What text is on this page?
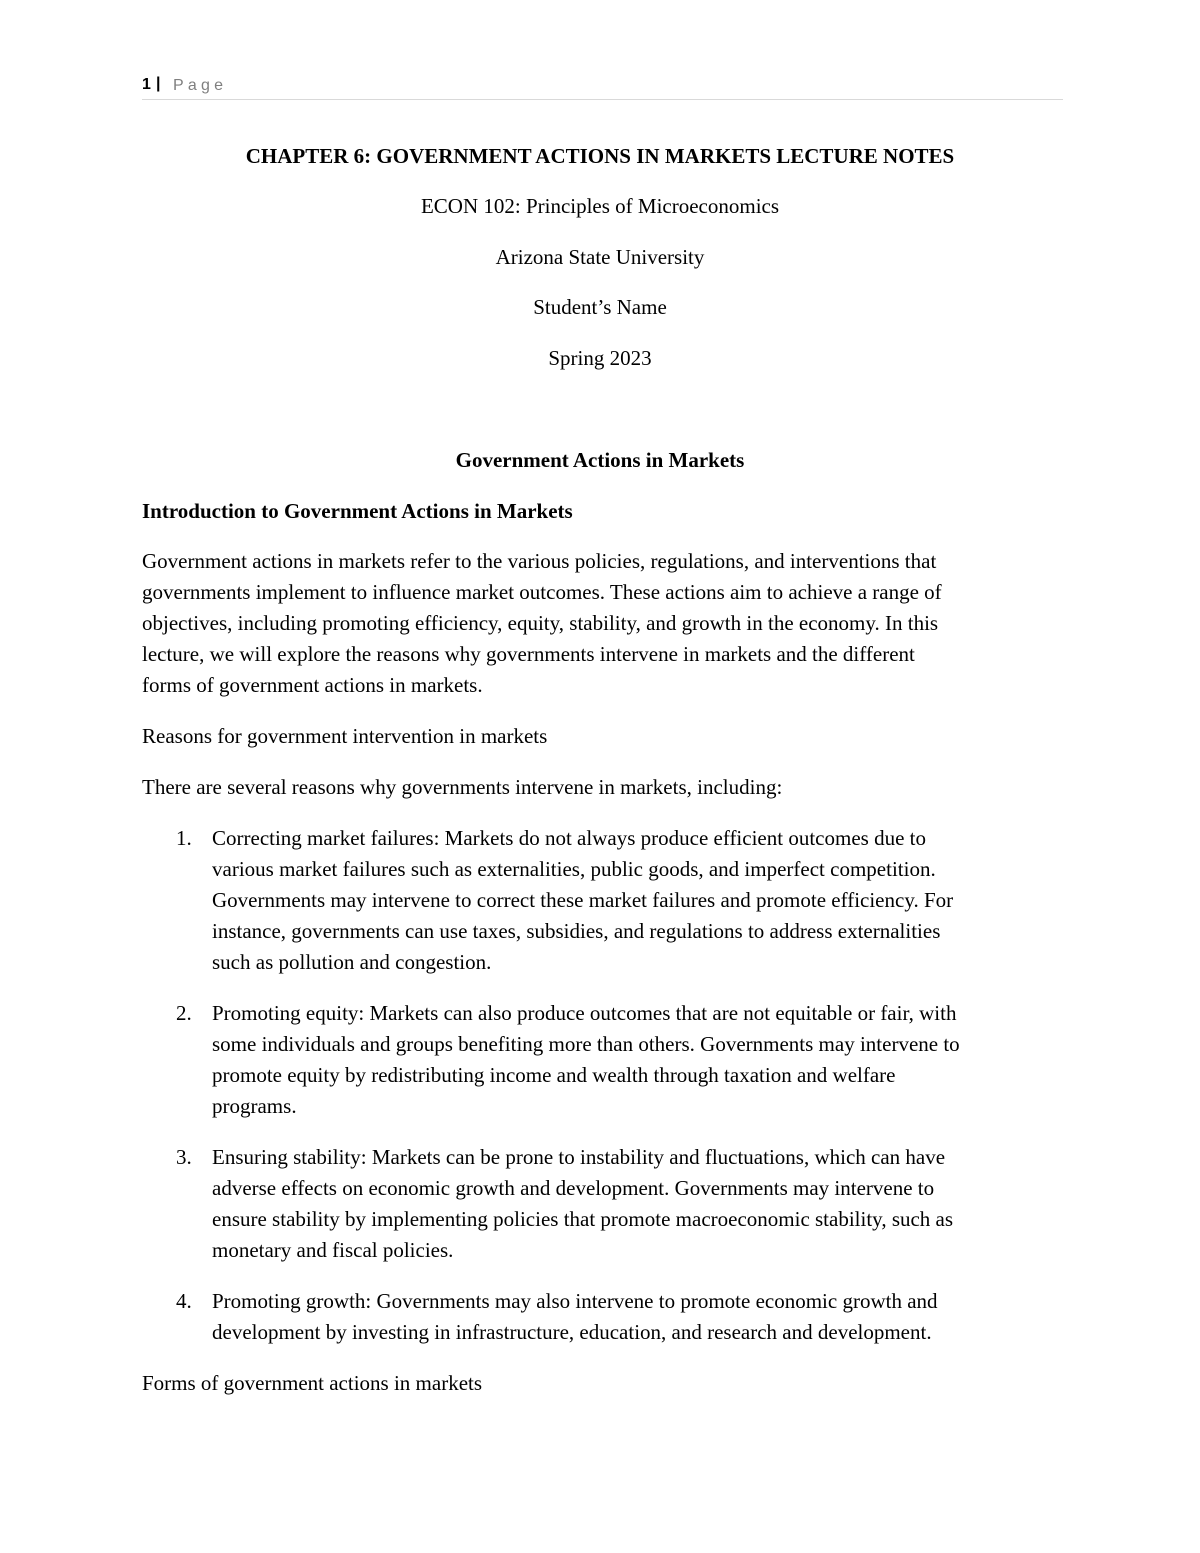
1 | Page
CHAPTER 6: GOVERNMENT ACTIONS IN MARKETS LECTURE NOTES
ECON 102: Principles of Microeconomics
Arizona State University
Student’s Name
Spring 2023
Government Actions in Markets
Introduction to Government Actions in Markets
Government actions in markets refer to the various policies, regulations, and interventions that
governments implement to influence market outcomes. These actions aim to achieve a range of
objectives, including promoting efficiency, equity, stability, and growth in the economy. In this
lecture, we will explore the reasons why governments intervene in markets and the different
forms of government actions in markets.
Reasons for government intervention in markets
There are several reasons why governments intervene in markets, including:
1. Correcting market failures: Markets do not always produce efficient outcomes due to
various market failures such as externalities, public goods, and imperfect competition.
Governments may intervene to correct these market failures and promote efficiency. For
instance, governments can use taxes, subsidies, and regulations to address externalities
such as pollution and congestion.
2. Promoting equity: Markets can also produce outcomes that are not equitable or fair, with
some individuals and groups benefiting more than others. Governments may intervene to
promote equity by redistributing income and wealth through taxation and welfare
programs.
3. Ensuring stability: Markets can be prone to instability and fluctuations, which can have
adverse effects on economic growth and development. Governments may intervene to
ensure stability by implementing policies that promote macroeconomic stability, such as
monetary and fiscal policies.
4. Promoting growth: Governments may also intervene to promote economic growth and
development by investing in infrastructure, education, and research and development.
Forms of government actions in markets
